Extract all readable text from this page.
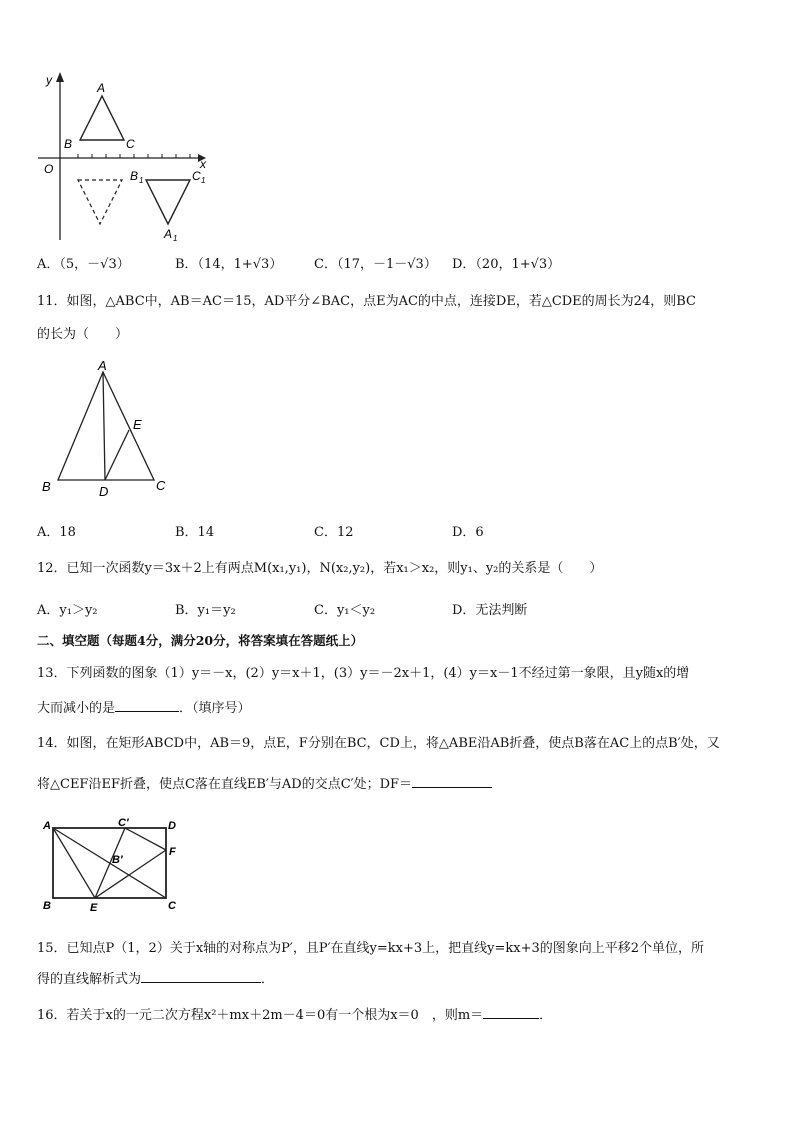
y
x
O
A
B	C
B 1	C 1
A 1
A．（5，－√3）	B．（14，1+√3） C．（17，－1－√3） D．（20，1+√3）
11．如图，△ABC中，AB＝AC＝15，AD平分∠BAC，点E为AC的中点，连接DE，若△CDE的周长为24，则BC
的长为（　　）
A
E
B	D	C
A．18	B．14	C．12	D．6
12．已知一次函数y＝3x＋2上有两点M(x₁,y₁)，N(x₂,y₂)，若x₁＞x₂，则y₁、y₂的关系是（　　）
A．y₁＞y₂	B．y₁＝y₂	C．y₁＜y₂	D．无法判断
二、填空题（每题4分，满分20分，将答案填在答题纸上）
13．下列函数的图象（1）y＝－x，(2）y＝x＋1，(3）y＝－2x＋1，(4）y＝x－1不经过第一象限，且y随x的增
大而减小的是	．（填序号）
14．如图，在矩形ABCD中，AB＝9，点E，F分别在BC，CD上，将△ABE沿AB折叠，使点B落在AC上的点B′处，又
将△CEF沿EF折叠，使点C落在直线EB′与AD的交点C′处；DF＝
A	C′	D
B′
F
B	E	C
15．已知点P（1，2）关于x轴的对称点为P′，且P′在直线y=kx+3上，把直线y=kx+3的图象向上平移2个单位，所
得的直线解析式为	．
16．若关于x的一元二次方程x²＋mx＋2m－4＝0有一个根为x＝0　，则m＝	．
